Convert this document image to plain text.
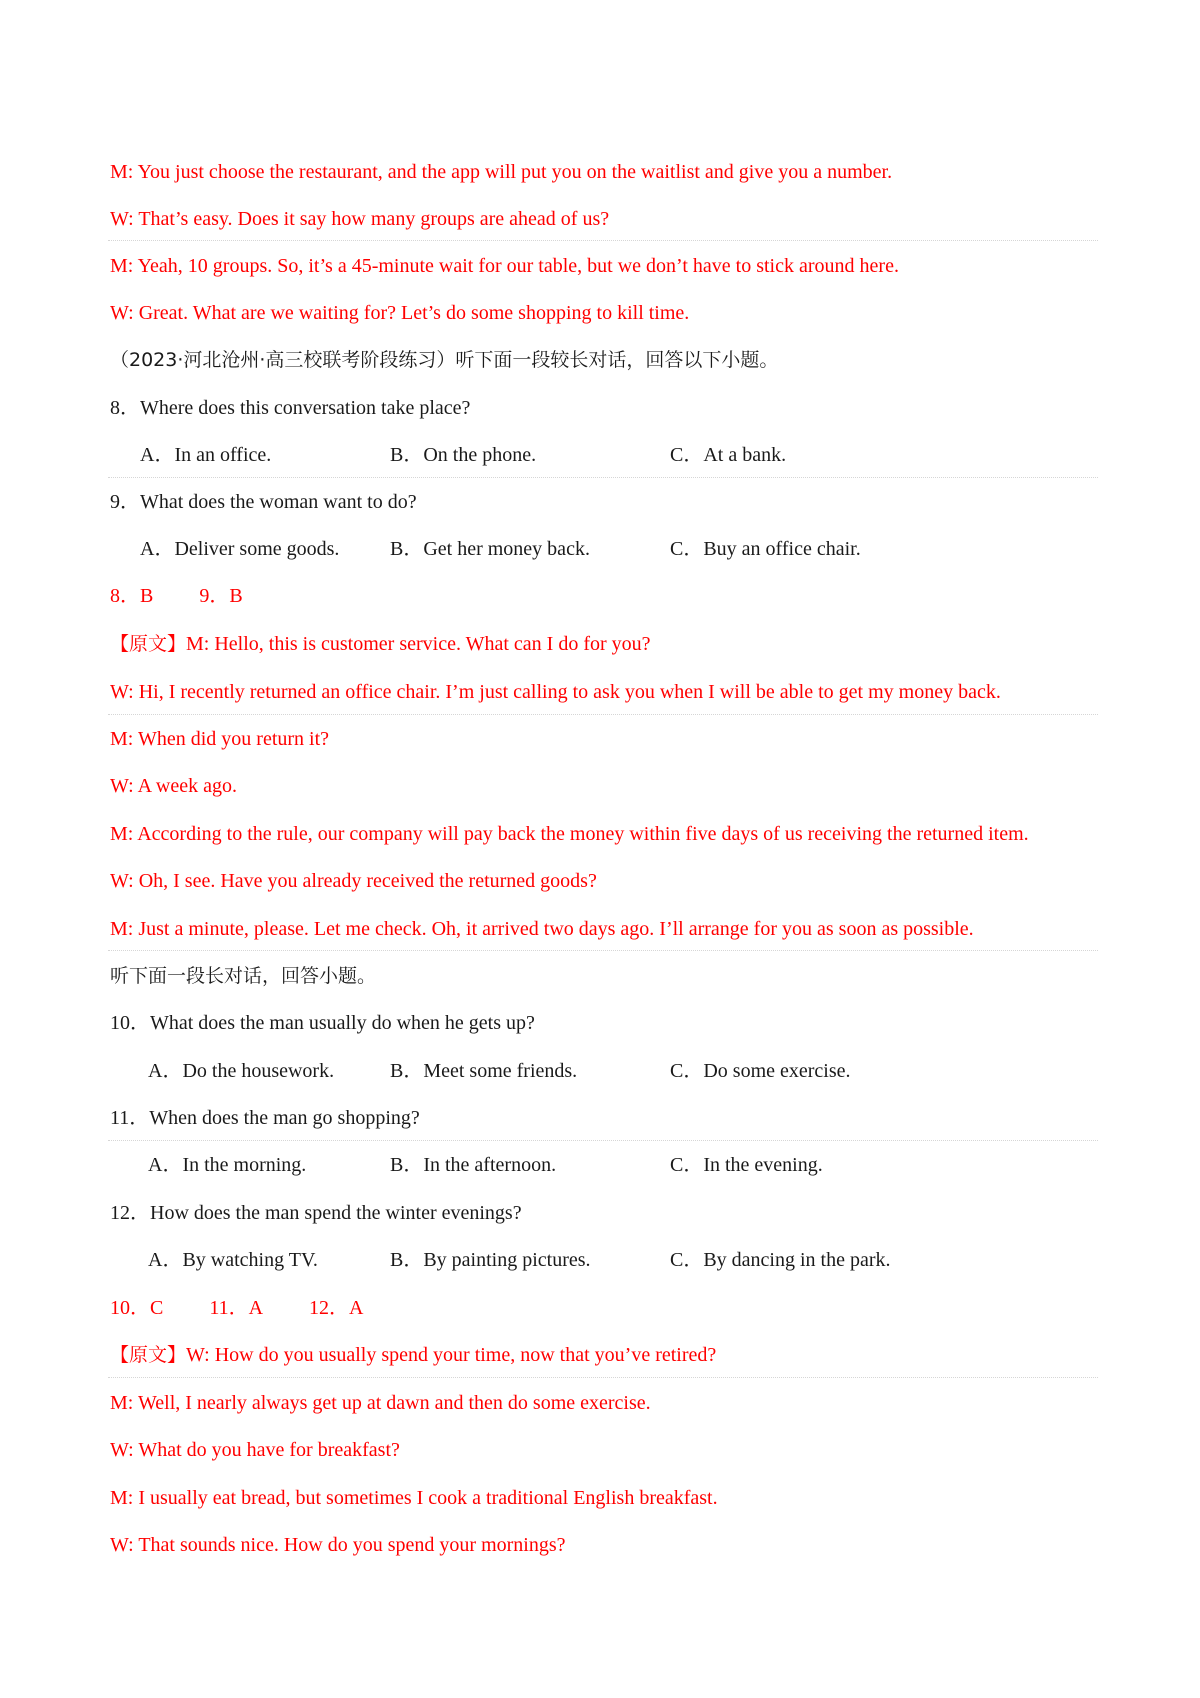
M: You just choose the restaurant, and the app will put you on the waitlist and give you a number.
W: That’s easy. Does it say how many groups are ahead of us?
M: Yeah, 10 groups. So, it’s a 45-minute wait for our table, but we don’t have to stick around here.
W: Great. What are we waiting for? Let’s do some shopping to kill time.
（2023·河北沧州·高三校联考阶段练习）听下面一段较长对话，回答以下小题。
8．Where does this conversation take place?
A．In an office.	B．On the phone.	C．At a bank.
9．What does the woman want to do?
A．Deliver some goods.	B．Get her money back.	C．Buy an office chair.
8．B 9．B
【原文】M: Hello, this is customer service. What can I do for you?
W: Hi, I recently returned an office chair. I’m just calling to ask you when I will be able to get my money back.
M: When did you return it?
W: A week ago.
M: According to the rule, our company will pay back the money within five days of us receiving the returned item.
W: Oh, I see. Have you already received the returned goods?
M: Just a minute, please. Let me check. Oh, it arrived two days ago. I’ll arrange for you as soon as possible.
听下面一段长对话，回答小题。
10．What does the man usually do when he gets up?
A．Do the housework.	B．Meet some friends.	C．Do some exercise.
11．When does the man go shopping?
A．In the morning.	B．In the afternoon.	C．In the evening.
12．How does the man spend the winter evenings?
A．By watching TV.	B．By painting pictures.	C．By dancing in the park.
10．C 11．A 12．A
【原文】W: How do you usually spend your time, now that you’ve retired?
M: Well, I nearly always get up at dawn and then do some exercise.
W: What do you have for breakfast?
M: I usually eat bread, but sometimes I cook a traditional English breakfast.
W: That sounds nice. How do you spend your mornings?
